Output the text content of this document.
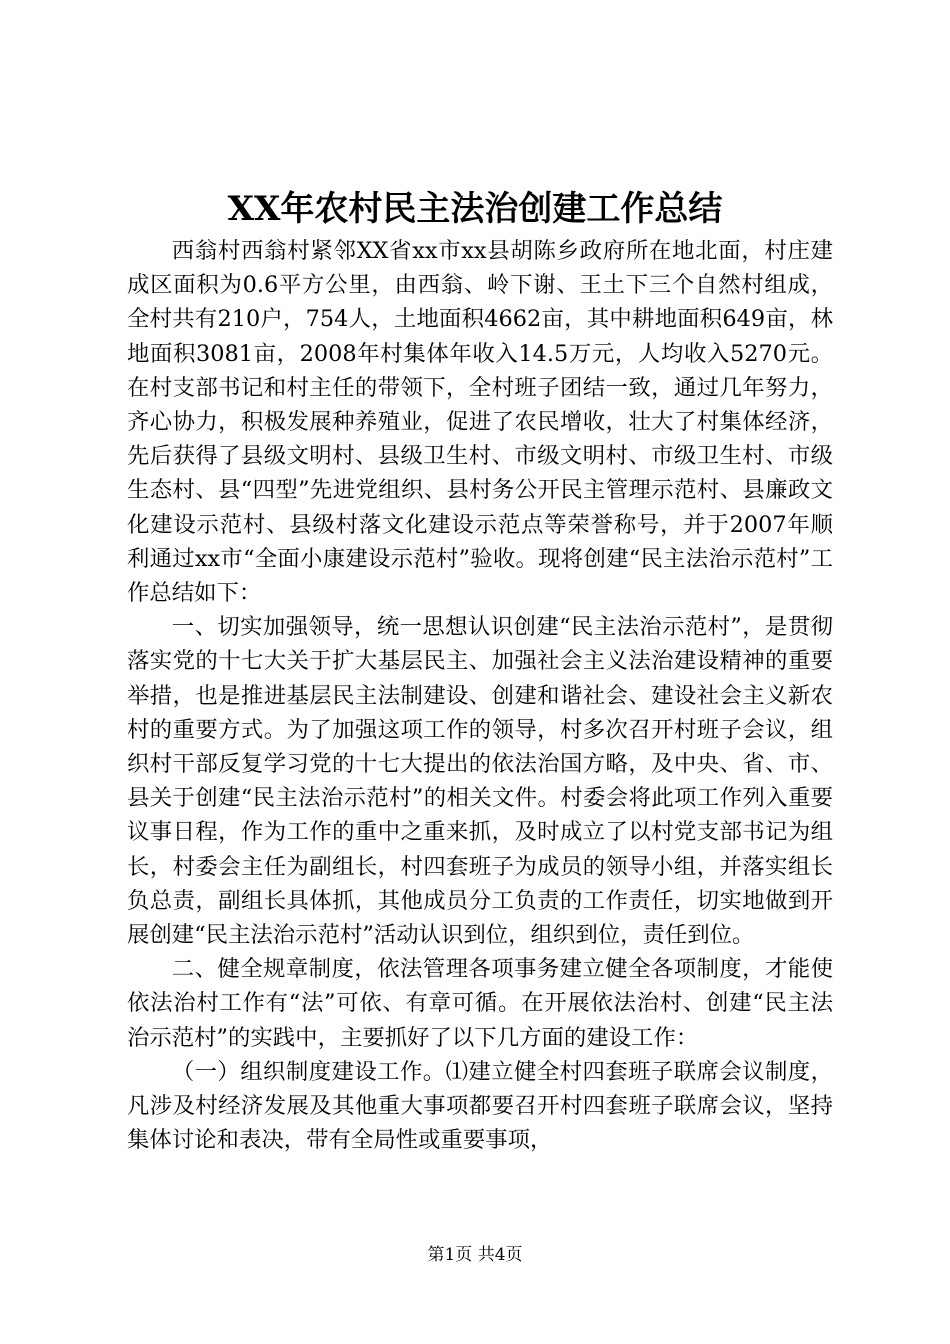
XX年农村民主法治创建工作总结

西翁村西翁村紧邻XX省xx市xx县胡陈乡政府所在地北面，村庄建成区面积为0.6平方公里，由西翁、岭下谢、王土下三个自然村组成，全村共有210户，754人，土地面积4662亩，其中耕地面积649亩，林地面积3081亩，2008年村集体年收入14.5万元，人均收入5270元。在村支部书记和村主任的带领下，全村班子团结一致，通过几年努力，齐心协力，积极发展种养殖业，促进了农民增收，壮大了村集体经济，先后获得了县级文明村、县级卫生村、市级文明村、市级卫生村、市级生态村、县“四型”先进党组织、县村务公开民主管理示范村、县廉政文化建设示范村、县级村落文化建设示范点等荣誉称号，并于2007年顺利通过xx市“全面小康建设示范村”验收。现将创建“民主法治示范村”工作总结如下：

一、切实加强领导，统一思想认识创建“民主法治示范村”，是贯彻落实党的十七大关于扩大基层民主、加强社会主义法治建设精神的重要举措，也是推进基层民主法制建设、创建和谐社会、建设社会主义新农村的重要方式。为了加强这项工作的领导，村多次召开村班子会议，组织村干部反复学习党的十七大提出的依法治国方略，及中央、省、市、县关于创建“民主法治示范村”的相关文件。村委会将此项工作列入重要议事日程，作为工作的重中之重来抓，及时成立了以村党支部书记为组长，村委会主任为副组长，村四套班子为成员的领导小组，并落实组长负总责，副组长具体抓，其他成员分工负责的工作责任，切实地做到开展创建“民主法治示范村”活动认识到位，组织到位，责任到位。

二、健全规章制度，依法管理各项事务建立健全各项制度，才能使依法治村工作有“法”可依、有章可循。在开展依法治村、创建“民主法治示范村”的实践中，主要抓好了以下几方面的建设工作：

（一）组织制度建设工作。⑴建立健全村四套班子联席会议制度，凡涉及村经济发展及其他重大事项都要召开村四套班子联席会议，坚持集体讨论和表决，带有全局性或重要事项，

第1页 共4页
